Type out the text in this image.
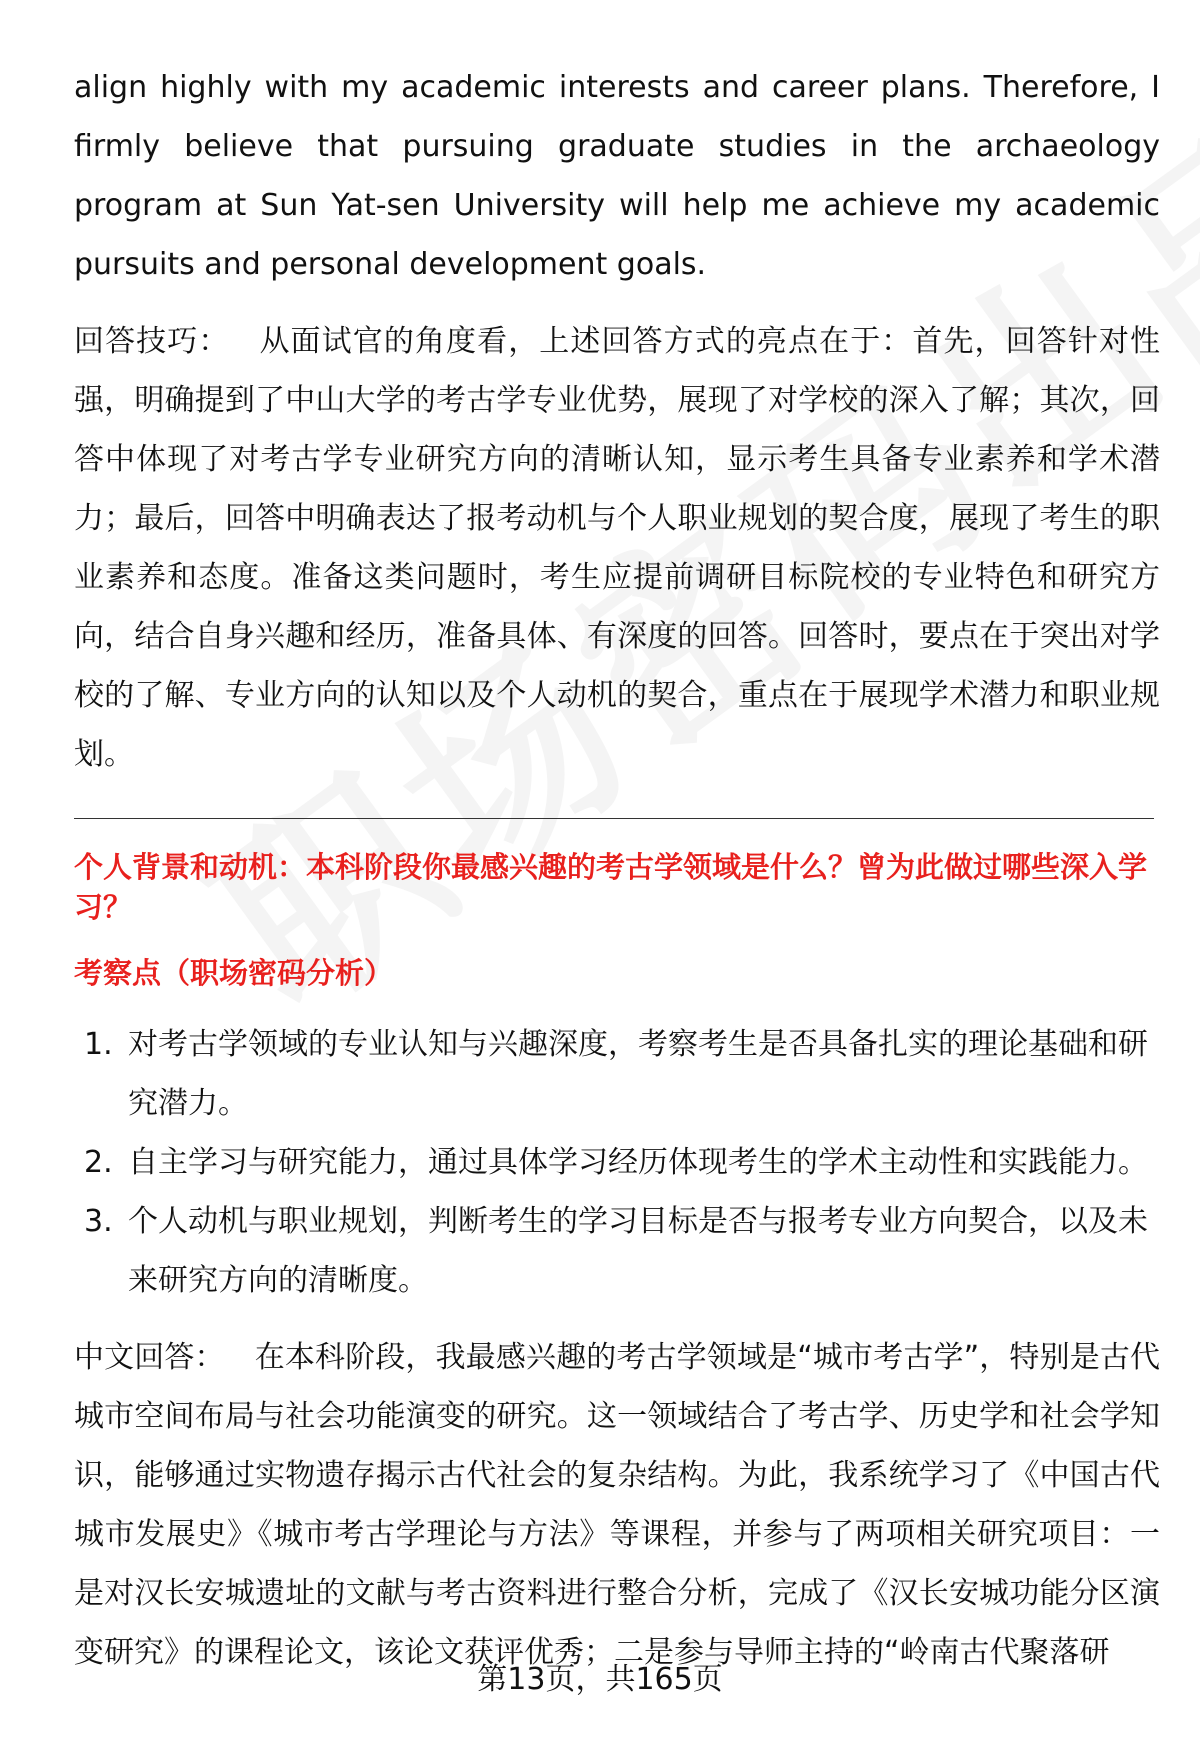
align highly with my academic interests and career plans. Therefore, I firmly believe that pursuing graduate studies in the archaeology program at Sun Yat-sen University will help me achieve my academic pursuits and personal development goals.

回答技巧： 从面试官的角度看，上述回答方式的亮点在于：首先，回答针对性强，明确提到了中山大学的考古学专业优势，展现了对学校的深入了解；其次，回答中体现了对考古学专业研究方向的清晰认知，显示考生具备专业素养和学术潜力；最后，回答中明确表达了报考动机与个人职业规划的契合度，展现了考生的职业素养和态度。准备这类问题时，考生应提前调研目标院校的专业特色和研究方向，结合自身兴趣和经历，准备具体、有深度的回答。回答时，要点在于突出对学校的了解、专业方向的认知以及个人动机的契合，重点在于展现学术潜力和职业规划。

个人背景和动机：本科阶段你最感兴趣的考古学领域是什么？曾为此做过哪些深入学习？

考察点（职场密码分析）

1. 对考古学领域的专业认知与兴趣深度，考察考生是否具备扎实的理论基础和研究潜力。
2. 自主学习与研究能力，通过具体学习经历体现考生的学术主动性和实践能力。
3. 个人动机与职业规划，判断考生的学习目标是否与报考专业方向契合，以及未来研究方向的清晰度。

中文回答： 在本科阶段，我最感兴趣的考古学领域是“城市考古学”，特别是古代城市空间布局与社会功能演变的研究。这一领域结合了考古学、历史学和社会学知识，能够通过实物遗存揭示古代社会的复杂结构。为此，我系统学习了《中国古代城市发展史》《城市考古学理论与方法》等课程，并参与了两项相关研究项目：一是对汉长安城遗址的文献与考古资料进行整合分析，完成了《汉长安城功能分区演变研究》的课程论文，该论文获评优秀；二是参与导师主持的“岭南古代聚落研

第13页，共165页
